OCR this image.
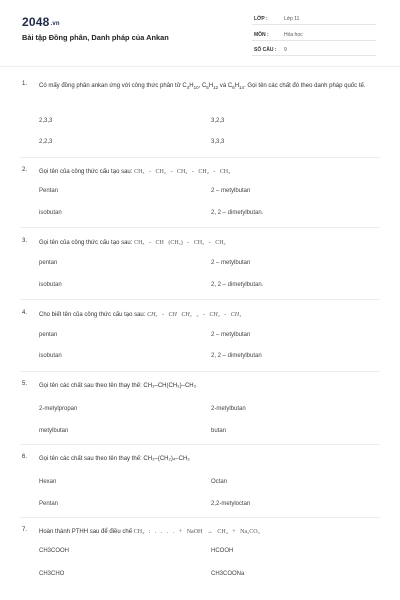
2048.vn
Bài tập Đồng phân, Danh pháp của Ankan
LỚP :	Lớp 11
MÔN :	Hóa học
SỐ CÂU : 9
1. Có mấy đồng phân ankan ứng với công thức phân tử $C_4H_{10}$, $C_5H_{12}$ và $C_6H_{14}$. Gọi tên các chất đó theo danh pháp quốc tế.
2,3,3	3,2,3
2,2,3	3,3,3
2. Gọi tên của công thức cấu tạo sau: CH₃ - CH₂ - CH₂ - CH₂ - CH₃
Pentan	2 – metylbutan
isobutan	2, 2 – dimetylbutan.
3. Gọi tên của công thức cấu tạo sau: CH₃ - CH (CH₃) - CH₂ - CH₃
pentan	2 – metylbutan
isobutan	2, 2 – dimetylbutan.
4. Cho biết tên của công thức cấu tạo sau: CH₃ - CH CH₃ ₂ - CH₂ - CH₃
pentan	2 – metylbutan
isobutan	2, 2 – dimetylbutan
5. Gọi tên các chất sau theo tên thay thế: CH₃–CH(CH₃)–CH₃
2-metylpropan	2-metylbutan
metylbutan	butan
6. Gọi tên các chất sau theo tên thay thế: CH₃–(CH₂)₄–CH₃
Hexan	Octan
Pentan	2,2-metyloctan
7. Hoàn thành PTHH sau để điều chế CH₄ : . . . . + NaOH → CH₄ + Na₂CO₃
CH3COOH	HCOOH
CH3CHO	CH3COONa
